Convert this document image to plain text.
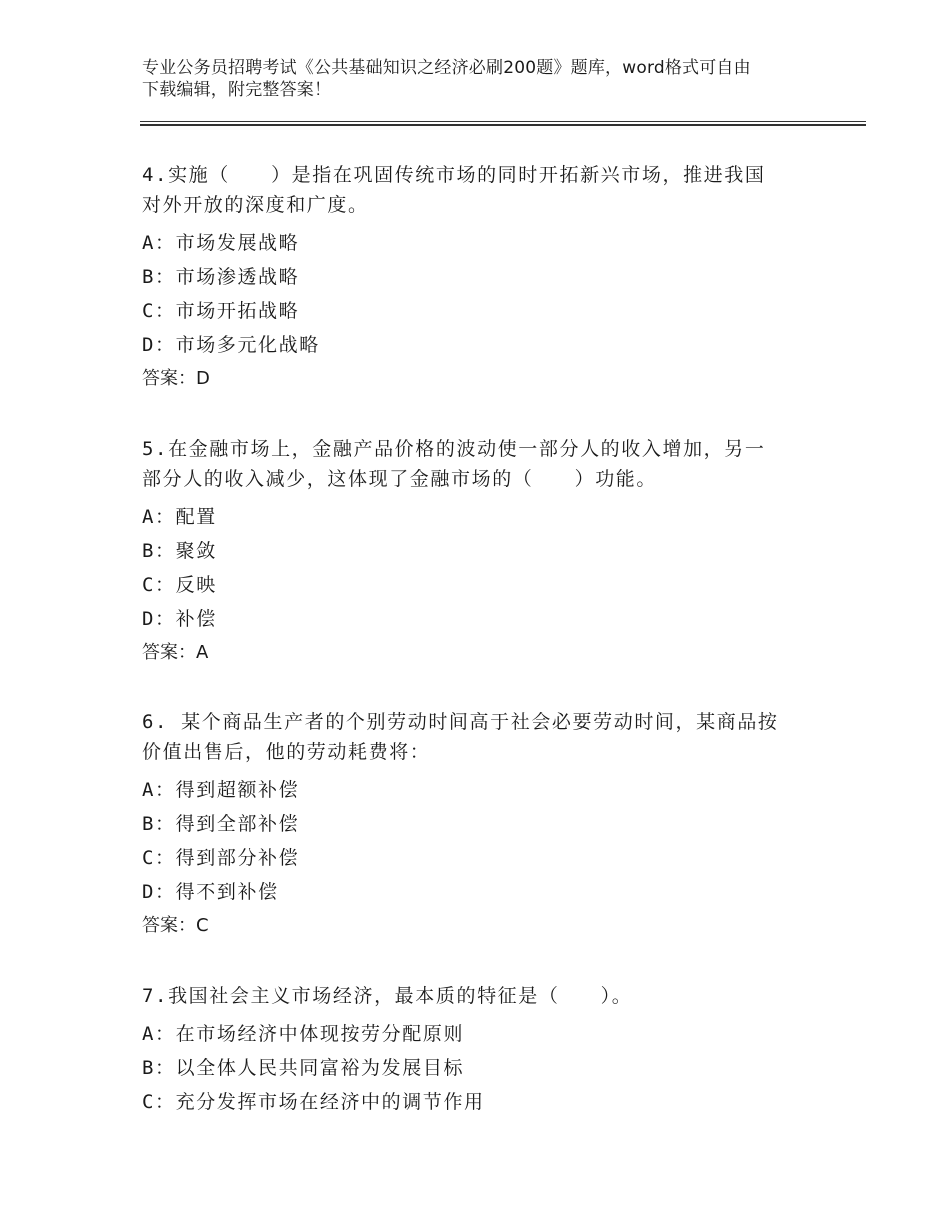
专业公务员招聘考试《公共基础知识之经济必刷200题》题库，word格式可自由
下载编辑，附完整答案！

4.实施（　　）是指在巩固传统市场的同时开拓新兴市场，推进我国

对外开放的深度和广度。

A：市场发展战略

B：市场渗透战略

C：市场开拓战略

D：市场多元化战略

答案：D

5.在金融市场上，金融产品价格的波动使一部分人的收入增加，另一

部分人的收入减少，这体现了金融市场的（　　）功能。

A：配置

B：聚敛

C：反映

D：补偿

答案：A

6. 某个商品生产者的个别劳动时间高于社会必要劳动时间，某商品按

价值出售后，他的劳动耗费将：

A：得到超额补偿

B：得到全部补偿

C：得到部分补偿

D：得不到补偿

答案：C

7.我国社会主义市场经济，最本质的特征是（　　）。

A：在市场经济中体现按劳分配原则

B：以全体人民共同富裕为发展目标

C：充分发挥市场在经济中的调节作用
